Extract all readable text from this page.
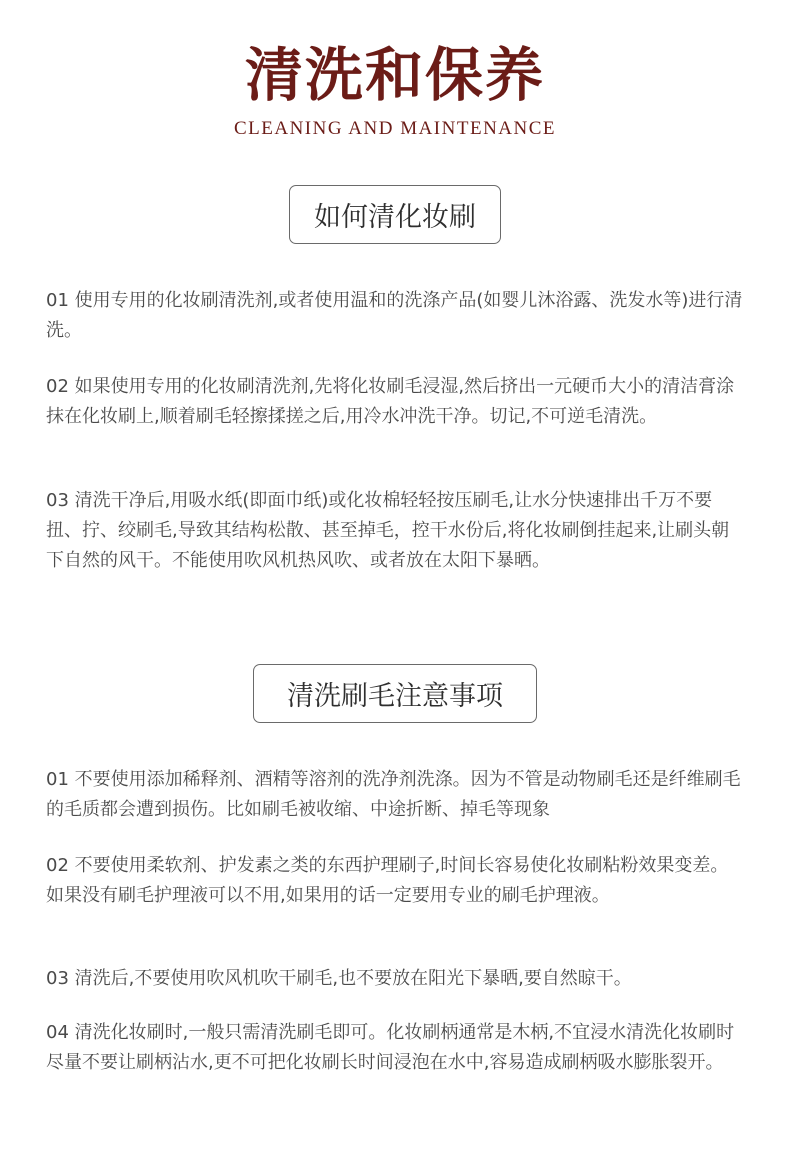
清洗和保养
CLEANING AND MAINTENANCE
如何清化妆刷

01 使用专用的化妆刷清洗剂,或者使用温和的洗涤产品(如婴儿沐浴露、洗发水等)进行清洗。

02 如果使用专用的化妆刷清洗剂,先将化妆刷毛浸湿,然后挤出一元硬币大小的清洁膏涂抹在化妆刷上,顺着刷毛轻擦揉搓之后,用冷水冲洗干净。切记,不可逆毛清洗。

03 清洗干净后,用吸水纸(即面巾纸)或化妆棉轻轻按压刷毛,让水分快速排出千万不要扭、拧、绞刷毛,导致其结构松散、甚至掉毛，控干水份后,将化妆刷倒挂起来,让刷头朝下自然的风干。不能使用吹风机热风吹、或者放在太阳下暴晒。

清洗刷毛注意事项

01 不要使用添加稀释剂、酒精等溶剂的洗净剂洗涤。因为不管是动物刷毛还是纤维刷毛的毛质都会遭到损伤。比如刷毛被收缩、中途折断、掉毛等现象

02 不要使用柔软剂、护发素之类的东西护理刷子,时间长容易使化妆刷粘粉效果变差。如果没有刷毛护理液可以不用,如果用的话一定要用专业的刷毛护理液。

03 清洗后,不要使用吹风机吹干刷毛,也不要放在阳光下暴晒,要自然晾干。

04 清洗化妆刷时,一般只需清洗刷毛即可。化妆刷柄通常是木柄,不宜浸水清洗化妆刷时尽量不要让刷柄沾水,更不可把化妆刷长时间浸泡在水中,容易造成刷柄吸水膨胀裂开。
